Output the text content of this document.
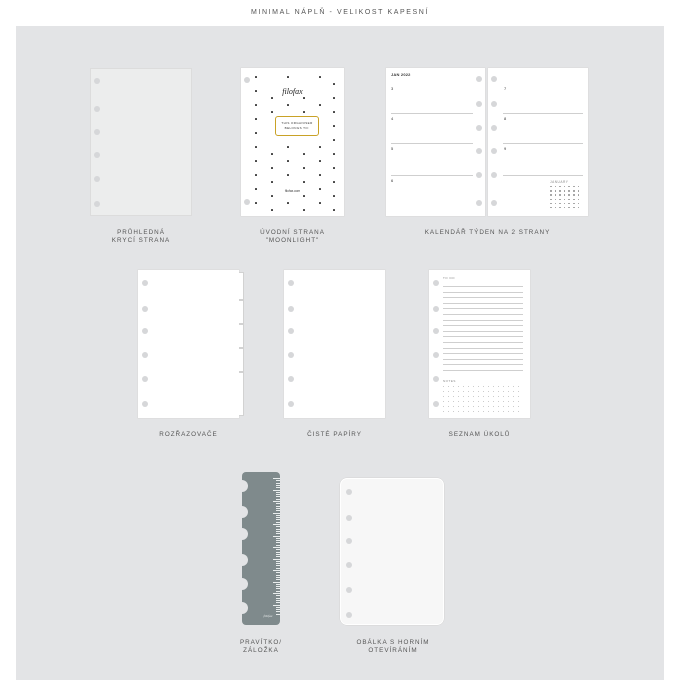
MINIMAL NÁPLŇ - VELIKOST KAPESNÍ
PRŮHLEDNÁ
KRYCÍ STRANA
filofax
THIS ORGANISER
BELONGS TO:
filofax.com
ÚVODNÍ STRANA
"MOONLIGHT"
JAN 2022
3
4
5
6
7
8
9
JANUARY
KALENDÁŘ TÝDEN NA 2 STRANY
ROZŘAZOVAČE	ČISTÉ PAPÍRY
TO DO
NOTES
SEZNAM ÚKOLŮ
filofax
PRAVÍTKO/
ZÁLOŽKA
OBÁLKA S HORNÍM
OTEVÍRÁNÍM
